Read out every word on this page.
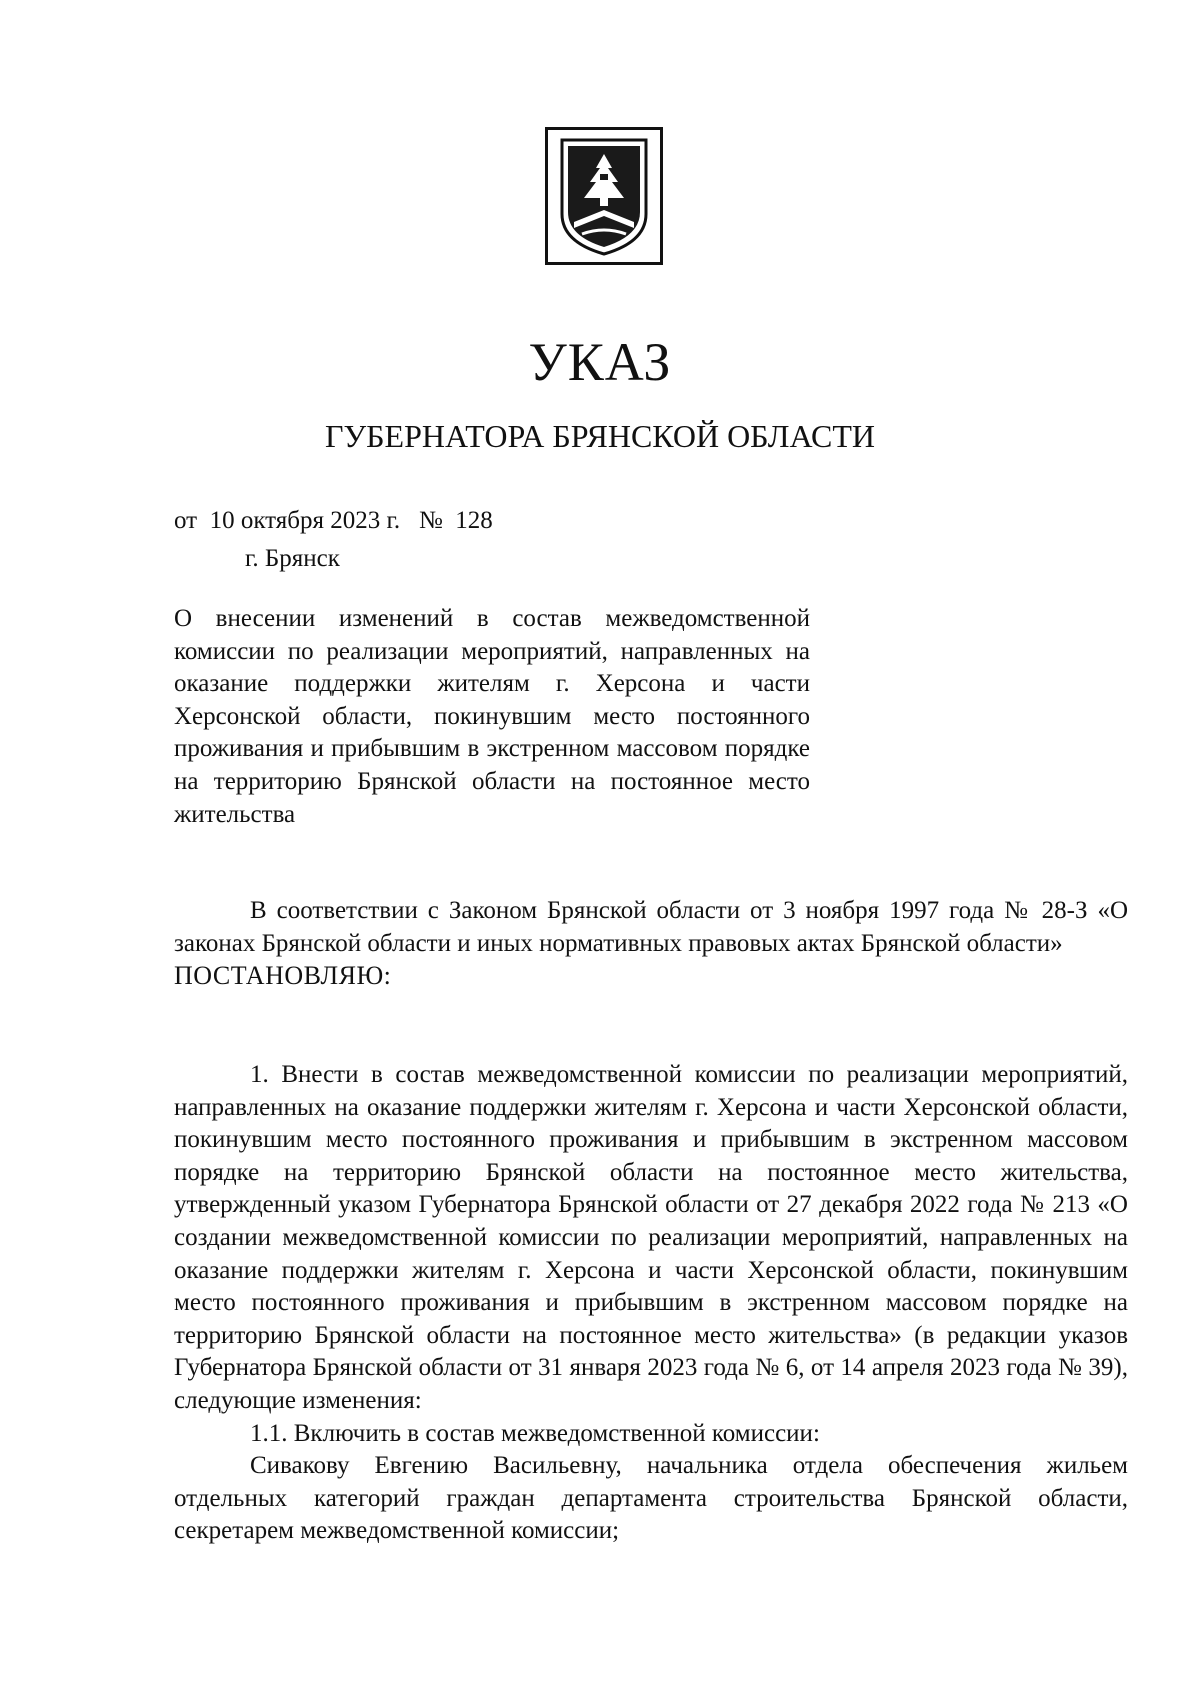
УКАЗ
ГУБЕРНАТОРА БРЯНСКОЙ ОБЛАСТИ
от 10 октября 2023 г. № 128
г. Брянск
О внесении изменений в состав межведомственной комиссии по реализации мероприятий, направленных на оказание поддержки жителям г. Херсона и части Херсонской области, покинувшим место постоянного проживания и прибывшим в экстренном массовом порядке на территорию Брянской области на постоянное место жительства

В соответствии с Законом Брянской области от 3 ноября 1997 года № 28-З «О законах Брянской области и иных нормативных правовых актах Брянской области»

ПОСТАНОВЛЯЮ:

1. Внести в состав межведомственной комиссии по реализации мероприятий, направленных на оказание поддержки жителям г. Херсона и части Херсонской области, покинувшим место постоянного проживания и прибывшим в экстренном массовом порядке на территорию Брянской области на постоянное место жительства, утвержденный указом Губернатора Брянской области от 27 декабря 2022 года № 213 «О создании межведомственной комиссии по реализации мероприятий, направленных на оказание поддержки жителям г. Херсона и части Херсонской области, покинувшим место постоянного проживания и прибывшим в экстренном массовом порядке на территорию Брянской области на постоянное место жительства» (в редакции указов Губернатора Брянской области от 31 января 2023 года № 6, от 14 апреля 2023 года № 39), следующие изменения:

1.1. Включить в состав межведомственной комиссии:

Сивакову Евгению Васильевну, начальника отдела обеспечения жильем отдельных категорий граждан департамента строительства Брянской области, секретарем межведомственной комиссии;
